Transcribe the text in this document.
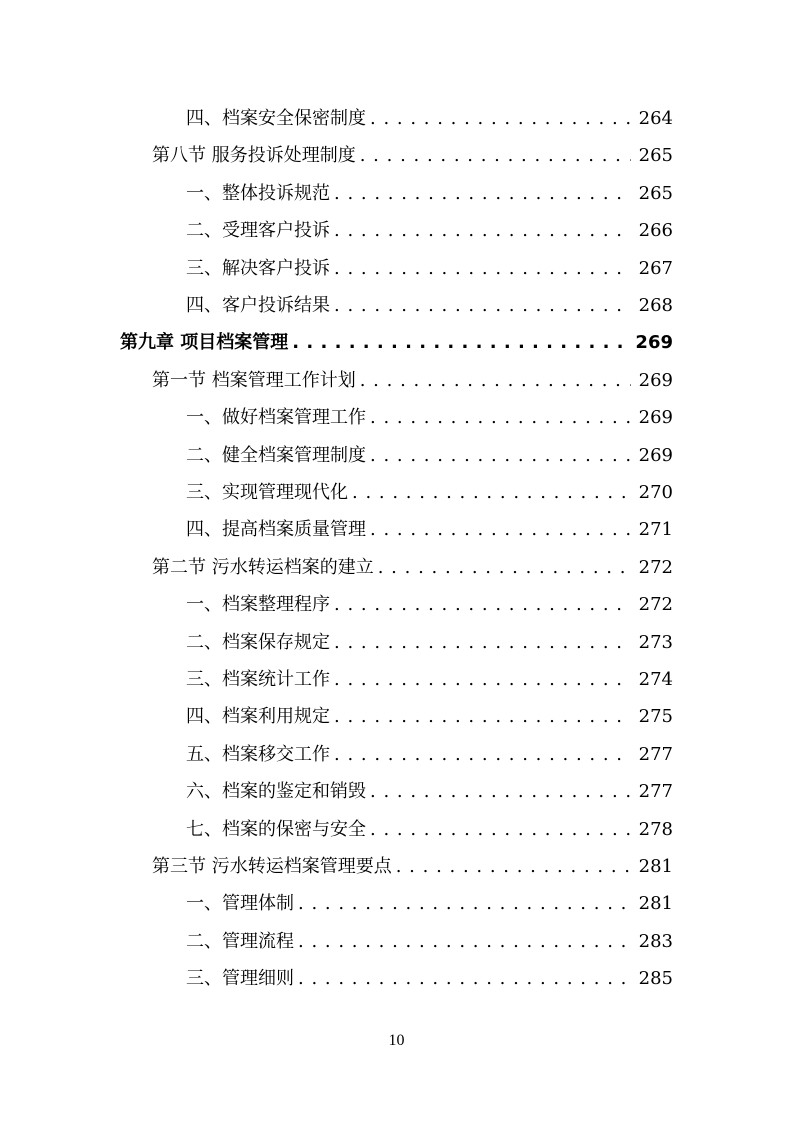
四、档案安全保密制度 . . .	264
第八节 服务投诉处理制度 . . .	265
一、整体投诉规范 . . .	265
二、受理客户投诉 . . .	266
三、解决客户投诉 . . .	267
四、客户投诉结果 . . .	268
第九章 项目档案管理 . . .	269
第一节 档案管理工作计划 . . .	269
一、做好档案管理工作 . . .	269
二、健全档案管理制度 . . .	269
三、实现管理现代化 . . .	270
四、提高档案质量管理 . . .	271
第二节 污水转运档案的建立 . . .	272
一、档案整理程序 . . .	272
二、档案保存规定 . . .	273
三、档案统计工作 . . .	274
四、档案利用规定 . . .	275
五、档案移交工作 . . .	277
六、档案的鉴定和销毁 . . .	277
七、档案的保密与安全 . . .	278
第三节 污水转运档案管理要点 . . .	281
一、管理体制 . . .	281
二、管理流程 . . .	283
三、管理细则 . . .	285
10
